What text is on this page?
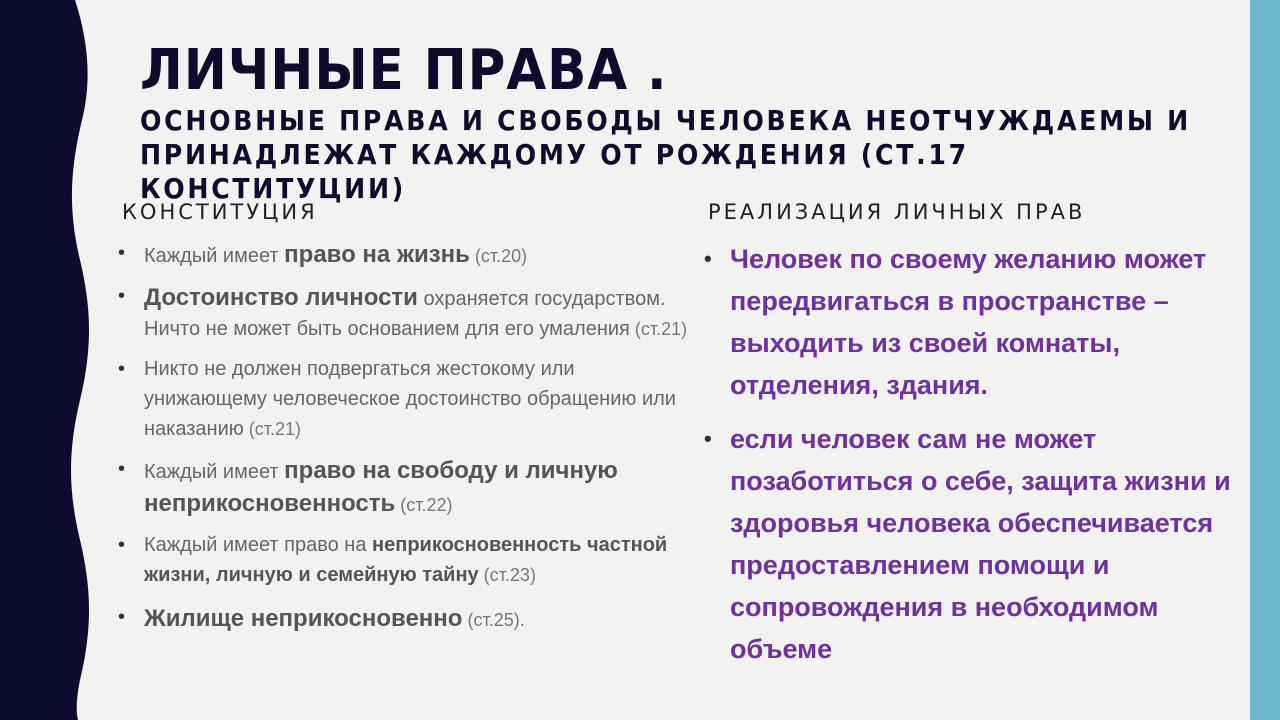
ЛИЧНЫЕ ПРАВА .
ОСНОВНЫЕ ПРАВА И СВОБОДЫ ЧЕЛОВЕКА НЕОТЧУЖДАЕМЫ И ПРИНАДЛЕЖАТ КАЖДОМУ ОТ РОЖДЕНИЯ (СТ.17 КОНСТИТУЦИИ)
КОНСТИТУЦИЯ	РЕАЛИЗАЦИЯ ЛИЧНЫХ ПРАВ
• Каждый имеет право на жизнь (ст.20)
• Достоинство личности охраняется государством. Ничто не может быть основанием для его умаления (ст.21)
• Никто не должен подвергаться жестокому или унижающему человеческое достоинство обращению или наказанию (ст.21)
• Каждый имеет право на свободу и личную неприкосновенность (ст.22)
• Каждый имеет право на неприкосновенность частной жизни, личную и семейную тайну (ст.23)
• Жилище неприкосновенно (ст.25).
• Человек по своему желанию может передвигаться в пространстве – выходить из своей комнаты, отделения, здания.
• если человек сам не может позаботиться о себе, защита жизни и здоровья человека обеспечивается предоставлением помощи и сопровождения в необходимом объеме
